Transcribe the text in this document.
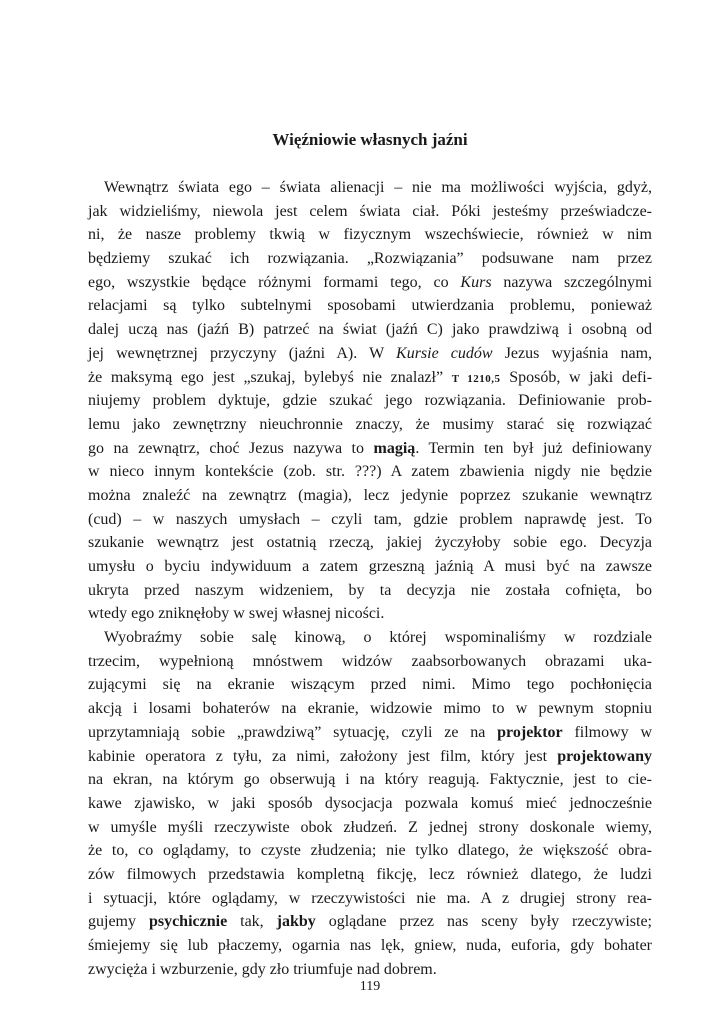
Więźniowie własnych jaźni
Wewnątrz świata ego – świata alienacji – nie ma możliwości wyjścia, gdyż,
jak widzieliśmy, niewola jest celem świata ciał. Póki jesteśmy przeświadcze-
ni, że nasze problemy tkwią w fizycznym wszechświecie, również w nim
będziemy szukać ich rozwiązania. „Rozwiązania” podsuwane nam przez
ego, wszystkie będące różnymi formami tego, co Kurs nazywa szczególnymi
relacjami są tylko subtelnymi sposobami utwierdzania problemu, ponieważ
dalej uczą nas (jaźń B) patrzeć na świat (jaźń C) jako prawdziwą i osobną od
jej wewnętrznej przyczyny (jaźni A). W Kursie cudów Jezus wyjaśnia nam,
że maksymą ego jest „szukaj, bylebyś nie znalazł” T 1210,5 Sposób, w jaki defi-
niujemy problem dyktuje, gdzie szukać jego rozwiązania. Definiowanie prob-
lemu jako zewnętrzny nieuchronnie znaczy, że musimy starać się rozwiązać
go na zewnątrz, choć Jezus nazywa to magią. Termin ten był już definiowany
w nieco innym kontekście (zob. str. ???) A zatem zbawienia nigdy nie będzie
można znaleźć na zewnątrz (magia), lecz jedynie poprzez szukanie wewnątrz
(cud) – w naszych umysłach – czyli tam, gdzie problem naprawdę jest. To
szukanie wewnątrz jest ostatnią rzeczą, jakiej życzyłoby sobie ego. Decyzja
umysłu o byciu indywiduum a zatem grzeszną jaźnią A musi być na zawsze
ukryta przed naszym widzeniem, by ta decyzja nie została cofnięta, bo
wtedy ego zniknęłoby w swej własnej nicości.
Wyobraźmy sobie salę kinową, o której wspominaliśmy w rozdziale
trzecim, wypełnioną mnóstwem widzów zaabsorbowanych obrazami uka-
zującymi się na ekranie wiszącym przed nimi. Mimo tego pochłonięcia
akcją i losami bohaterów na ekranie, widzowie mimo to w pewnym stopniu
uprzytamniają sobie „prawdziwą” sytuację, czyli ze na projektor filmowy w
kabinie operatora z tyłu, za nimi, założony jest film, który jest projektowany
na ekran, na którym go obserwują i na który reagują. Faktycznie, jest to cie-
kawe zjawisko, w jaki sposób dysocjacja pozwala komuś mieć jednocześnie
w umyśle myśli rzeczywiste obok złudzeń. Z jednej strony doskonale wiemy,
że to, co oglądamy, to czyste złudzenia; nie tylko dlatego, że większość obra-
zów filmowych przedstawia kompletną fikcję, lecz również dlatego, że ludzi
i sytuacji, które oglądamy, w rzeczywistości nie ma. A z drugiej strony rea-
gujemy psychicznie tak, jakby oglądane przez nas sceny były rzeczywiste;
śmiejemy się lub płaczemy, ogarnia nas lęk, gniew, nuda, euforia, gdy bohater
zwycięża i wzburzenie, gdy zło triumfuje nad dobrem.
119
